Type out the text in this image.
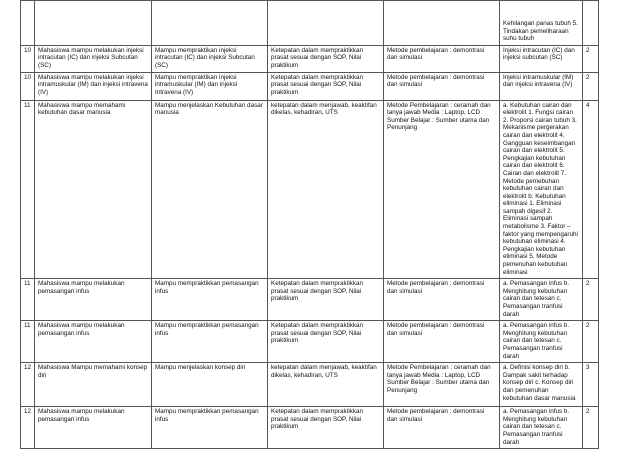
					Kehilangan panas tubuh 5. Tindakan pemeliharaan suhu tubuh	
10	Mahasiswa mampu melakukan injeksi intracutan (IC) dan injeksi Subcutan (SC)	Mampu mempraktikan injeksi intracutan (IC) dan injeksi Subcutan (SC)	Ketepatan dalam mempraktikkan prasat sesuai dengan SOP, Nilai praktikum	Metode pembelajaran : demontrasi dan simulasi	Injeksi intracutan (IC) dan injeksi subcutan (SC)	2
10	Mahasiswa mampu melakukan injeksi intramuskular (IM) dan injeksi intravena (IV)	Mampu mempraktikan injeksi intramuskular (IM) dan injeksi Intravena (IV)	Ketepatan dalam mempraktikkan prasat sesuai dengan SOP, Nilai praktikum	Metode pembelajaran : demontrasi dan simulasi	Injeksi intramuskular (IM) dan injeksi intravena (IV)	2
11	Mahasiswa mampu memahami kebutuhan dasar manusia	Mampu menjelaskan Kebutuhan dasar manusia	ketepatan dalam menjawab, keaktifan dikelas, kehadiran, UTS	Metode Pembelajaran : ceramah dan tanya jawab Media : Laptop, LCD Sumber Belajar : Sumber utama dan Penunjang	a. Kebutuhan cairan dan elektrolit 1. Fungsi cairan 2. Proporsi cairan tubuh 3. Mekanisme pergerakan cairan dan elektrolit 4. Gangguan keseimbangan cairan dan elektrolit 5. Pengkajian kebutuhan cairan dan elektrolit 6. Cairan dan elektrolit 7. Metode pemebuhan kebutuhan cairan dan elektrolit b. Kebutuhan eliminasi 1. Eliminasi sampah digesif 2. Eliminasi sampah metabolisme 3. Faktor – faktor yang mempengaruhi kebutuhan eliminasi 4. Pengkajian kebutuhan eliminasi 5. Metode pemenuhan kebutuhan eliminasi	4
11	Mahasiswa mampu melakukan pemasangan infus	Mampu mempraktikkan pemasangan infus	Ketepatan dalam mempraktikkan prasat sesuai dengan SOP, Nilai praktikum	Metode pembelajaran : demontrasi dan simulasi	a. Pemasangan infus b. Menghitung kebutuhan cairan dan tetesan c. Pemasangan tranfusi darah	2
11	Mahasiswa mampu melakukan pemasangan infus	Mampu mempraktikkan pemasangan infus	Ketepatan dalam mempraktikkan prasat sesuai dengan SOP, Nilai praktikum	Metode pembelajaran : demontrasi dan simulasi	a. Pemasangan infus b. Menghitung kebutuhan cairan dan tetesan c. Pemasangan tranfusi darah	2
12	Mahasiswa Mampu memahami konsep diri	Mampu menjelaskan konsep diri	ketepatan dalam menjawab, keaktifan dikelas, kehadiran, UTS	Metode Pembelajaran : ceramah dan tanya jawab Media : Laptop, LCD Sumber Belajar : Sumber utama dan Penunjang	a. Definisi konsep diri b. Dampak sakit terhadap konsep diri c. Konsep diri dan pemenuhan kebutuhan dasar manusia	3
12	Mahasiswa mampu melakukan pemasangan infus	Mampu mempraktikkan pemasangan infus	Ketepatan dalam mempraktikkan prasat sesuai dengan SOP, Nilai praktikum	Metode pembelajaran : demontrasi dan simulasi	a. Pemasangan infus b. Menghitung kebutuhan cairan dan tetesan c. Pemasangan tranfusi darah	2
